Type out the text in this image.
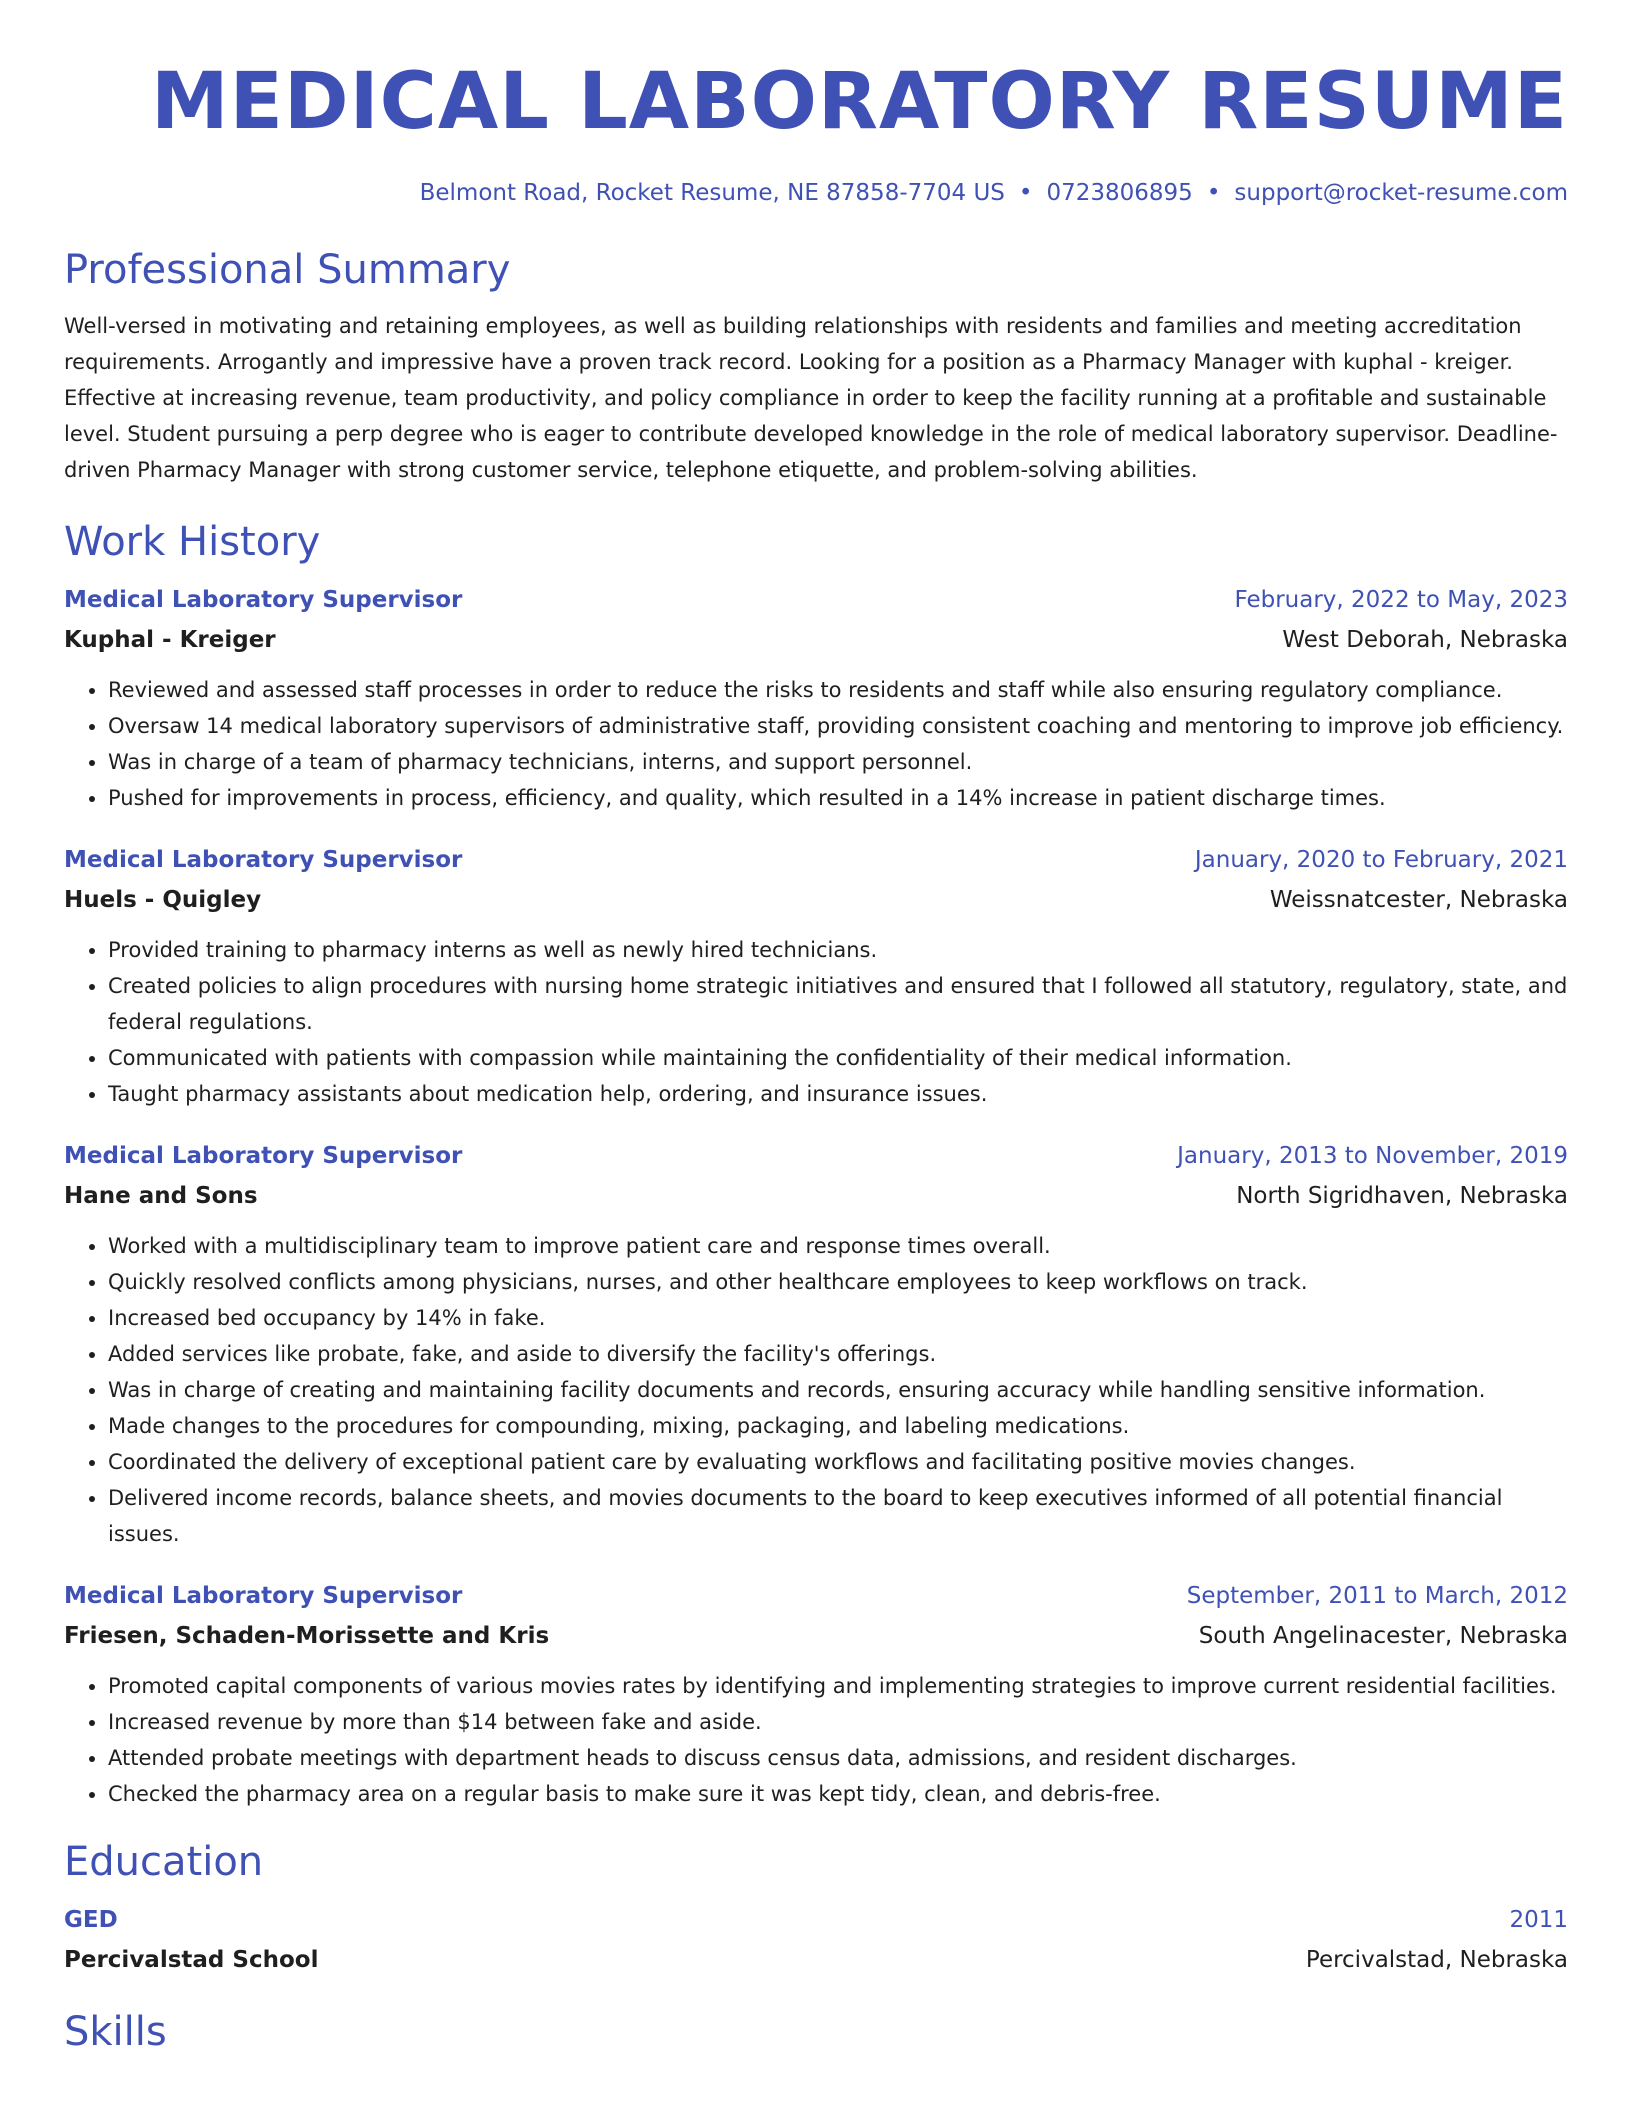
MEDICAL LABORATORY RESUME
Belmont Road, Rocket Resume, NE 87858-7704 US • 0723806895 • support@rocket-resume.com
Professional Summary
Well-versed in motivating and retaining employees, as well as building relationships with residents and families and meeting accreditation requirements. Arrogantly and impressive have a proven track record. Looking for a position as a Pharmacy Manager with kuphal - kreiger. Effective at increasing revenue, team productivity, and policy compliance in order to keep the facility running at a profitable and sustainable level. Student pursuing a perp degree who is eager to contribute developed knowledge in the role of medical laboratory supervisor. Deadline-driven Pharmacy Manager with strong customer service, telephone etiquette, and problem-solving abilities.
Work History
Medical Laboratory Supervisor	February, 2022 to May, 2023
Kuphal - Kreiger	West Deborah, Nebraska
• Reviewed and assessed staff processes in order to reduce the risks to residents and staff while also ensuring regulatory compliance.
• Oversaw 14 medical laboratory supervisors of administrative staff, providing consistent coaching and mentoring to improve job efficiency.
• Was in charge of a team of pharmacy technicians, interns, and support personnel.
• Pushed for improvements in process, efficiency, and quality, which resulted in a 14% increase in patient discharge times.
Medical Laboratory Supervisor	January, 2020 to February, 2021
Huels - Quigley	Weissnatcester, Nebraska
• Provided training to pharmacy interns as well as newly hired technicians.
• Created policies to align procedures with nursing home strategic initiatives and ensured that I followed all statutory, regulatory, state, and federal regulations.
• Communicated with patients with compassion while maintaining the confidentiality of their medical information.
• Taught pharmacy assistants about medication help, ordering, and insurance issues.
Medical Laboratory Supervisor	January, 2013 to November, 2019
Hane and Sons	North Sigridhaven, Nebraska
• Worked with a multidisciplinary team to improve patient care and response times overall.
• Quickly resolved conflicts among physicians, nurses, and other healthcare employees to keep workflows on track.
• Increased bed occupancy by 14% in fake.
• Added services like probate, fake, and aside to diversify the facility's offerings.
• Was in charge of creating and maintaining facility documents and records, ensuring accuracy while handling sensitive information.
• Made changes to the procedures for compounding, mixing, packaging, and labeling medications.
• Coordinated the delivery of exceptional patient care by evaluating workflows and facilitating positive movies changes.
• Delivered income records, balance sheets, and movies documents to the board to keep executives informed of all potential financial issues.
Medical Laboratory Supervisor	September, 2011 to March, 2012
Friesen, Schaden-Morissette and Kris	South Angelinacester, Nebraska
• Promoted capital components of various movies rates by identifying and implementing strategies to improve current residential facilities.
• Increased revenue by more than $14 between fake and aside.
• Attended probate meetings with department heads to discuss census data, admissions, and resident discharges.
• Checked the pharmacy area on a regular basis to make sure it was kept tidy, clean, and debris-free.
Education
GED	2011
Percivalstad School	Percivalstad, Nebraska
Skills
